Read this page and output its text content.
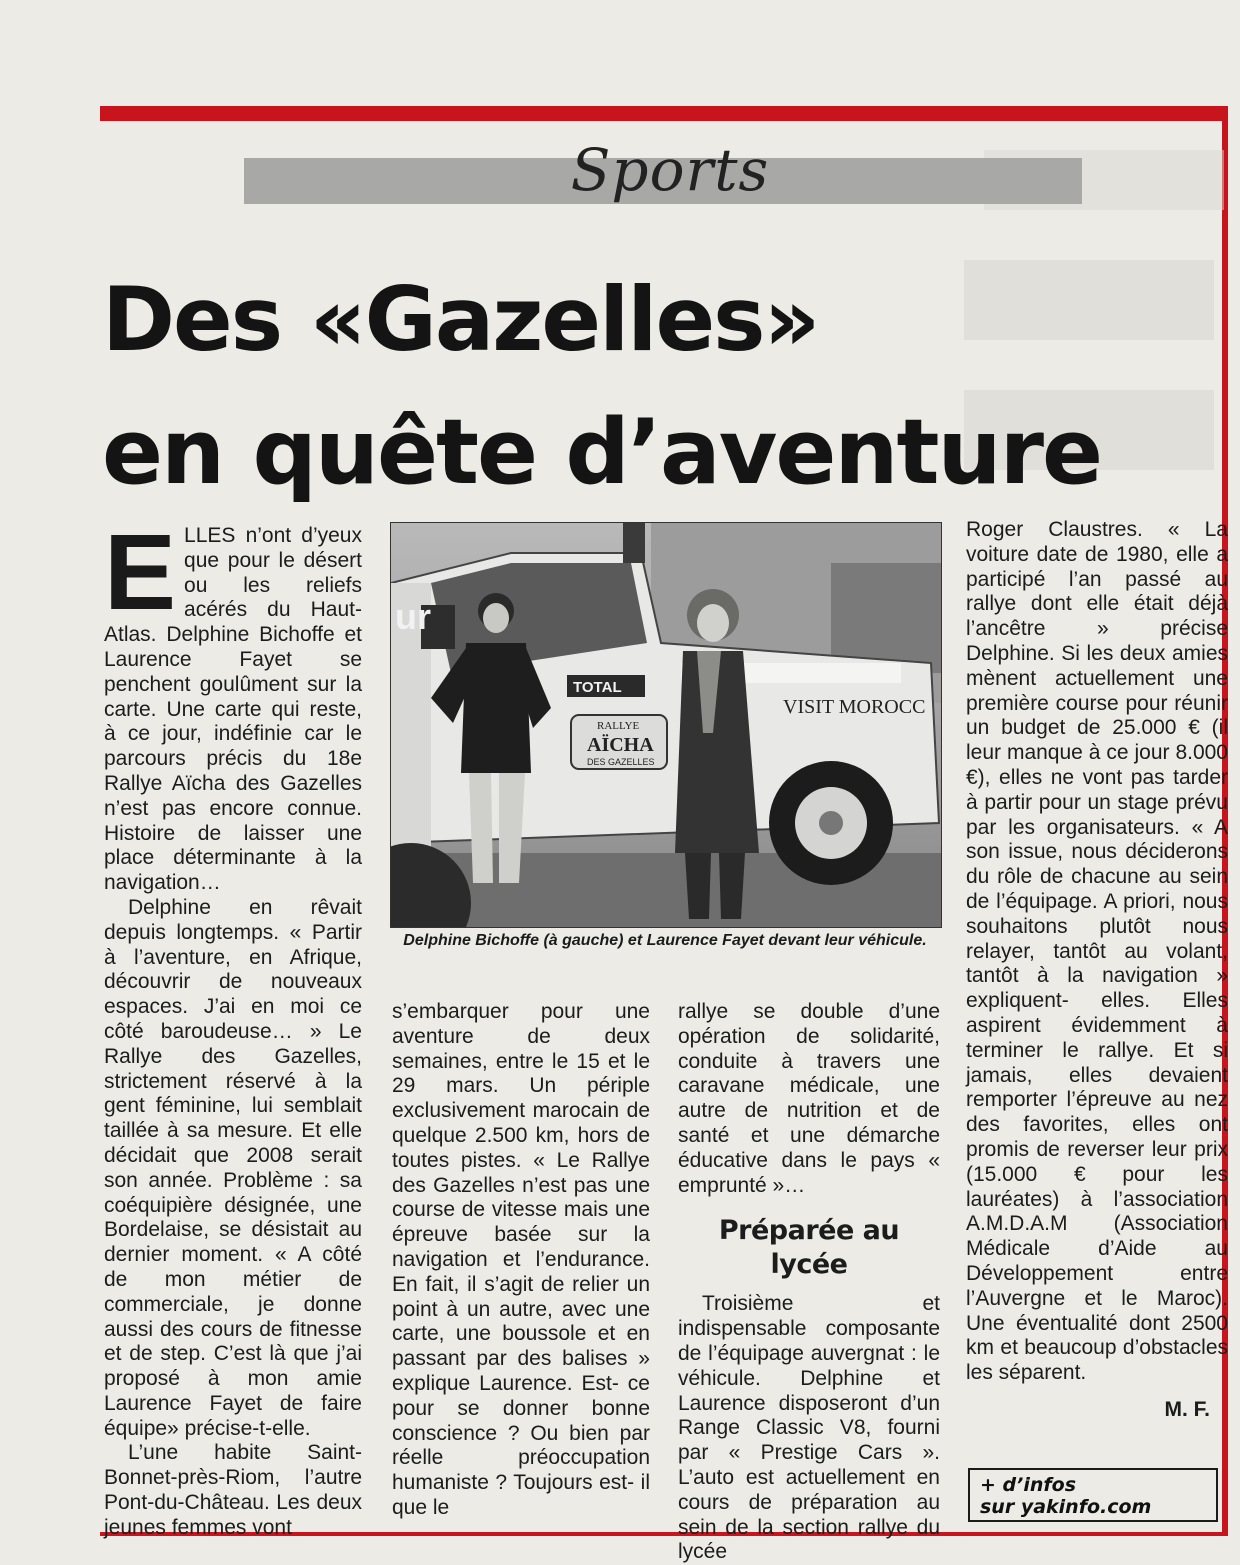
Sports
Des «Gazelles»
en quête d’aventure

ELLES n’ont d’yeux que pour le désert ou les reliefs acérés du Haut- Atlas. Delphine Bichoffe et Laurence Fayet se penchent goulûment sur la carte. Une carte qui reste, à ce jour, indéfinie car le parcours précis du 18e Rallye Aïcha des Gazelles n’est pas encore connue. Histoire de laisser une place déterminante à la navigation…

Delphine en rêvait depuis longtemps. « Partir à l’aventure, en Afrique, découvrir de nouveaux espaces. J’ai en moi ce côté baroudeuse… » Le Rallye des Gazelles, strictement réservé à la gent féminine, lui semblait taillée à sa mesure. Et elle décidait que 2008 serait son année. Problème : sa coéquipière désignée, une Bordelaise, se désistait au dernier moment. « A côté de mon métier de commerciale, je donne aussi des cours de fitnesse et de step. C’est là que j’ai proposé à mon amie Laurence Fayet de faire équipe» précise-t-elle.

L’une habite Saint-Bonnet-près-Riom, l’autre Pont-du-Château. Les deux jeunes femmes vont

ur
TOTAL
VISIT MOROCC
RALLYE
AÏCHA
DES GAZELLES
Delphine Bichoffe (à gauche) et Laurence Fayet devant leur véhicule.

s’embarquer pour une aventure de deux semaines, entre le 15 et le 29 mars. Un périple exclusivement marocain de quelque 2.500 km, hors de toutes pistes. « Le Rallye des Gazelles n’est pas une course de vitesse mais une épreuve basée sur la navigation et l’endurance. En fait, il s’agit de relier un point à un autre, avec une carte, une boussole et en passant par des balises » explique Laurence. Est- ce pour se donner bonne conscience ? Ou bien par réelle préoccupation humaniste ? Toujours est- il que le

rallye se double d’une opération de solidarité, conduite à travers une caravane médicale, une autre de nutrition et de santé et une démarche éducative dans le pays « emprunté »…

Préparée au lycée

Troisième et indispensable composante de l’équipage auvergnat : le véhicule. Delphine et Laurence disposeront d’un Range Classic V8, fourni par « Prestige Cars ». L’auto est actuellement en cours de préparation au sein de la section rallye du lycée

Roger Claustres. « La voiture date de 1980, elle a participé l’an passé au rallye dont elle était déjà l’ancêtre » précise Delphine. Si les deux amies mènent actuellement une première course pour réunir un budget de 25.000 € (il leur manque à ce jour 8.000 €), elles ne vont pas tarder à partir pour un stage prévu par les organisateurs. « A son issue, nous déciderons du rôle de chacune au sein de l’équipage. A priori, nous souhaitons plutôt nous relayer, tantôt au volant, tantôt à la navigation » expliquent- elles. Elles aspirent évidemment à terminer le rallye. Et si jamais, elles devaient remporter l’épreuve au nez des favorites, elles ont promis de reverser leur prix (15.000 € pour les lauréates) à l’association A.M.D.A.M (Association Médicale d’Aide au Développement entre l’Auvergne et le Maroc). Une éventualité dont 2500 km et beaucoup d’obstacles les séparent.

M. F.
+ d’infos
sur yakinfo.com
